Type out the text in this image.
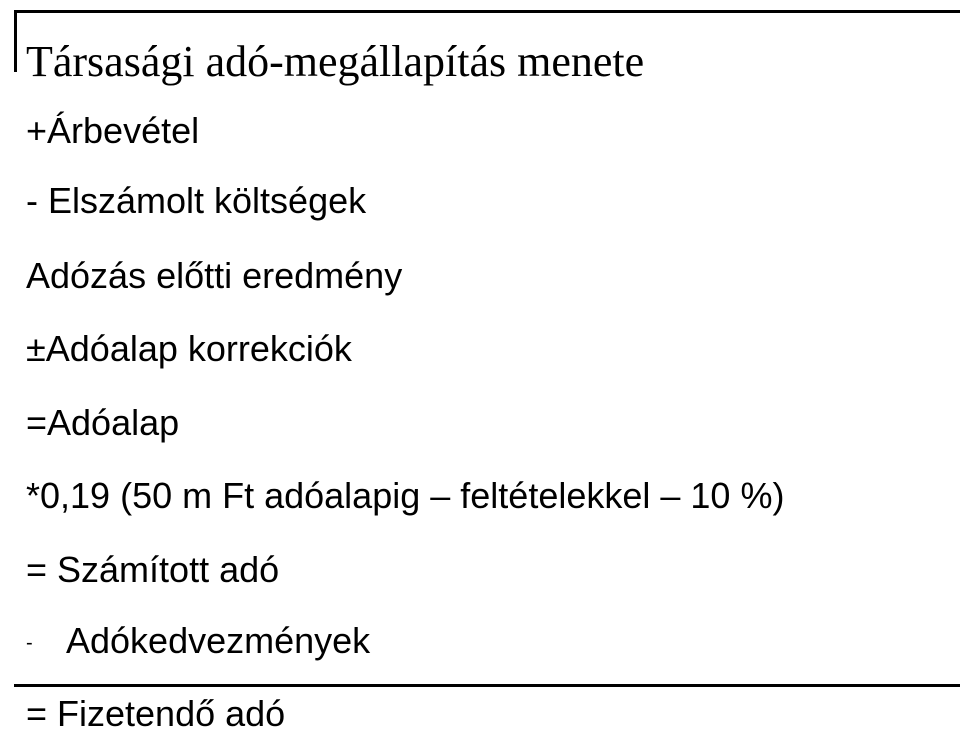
Társasági adó-megállapítás menete
+Árbevétel
- Elszámolt költségek
Adózás előtti eredmény
±Adóalap korrekciók
=Adóalap
*0,19 (50 m Ft adóalapig – feltételekkel – 10 %)
= Számított adó
- Adókedvezmények
= Fizetendő adó
